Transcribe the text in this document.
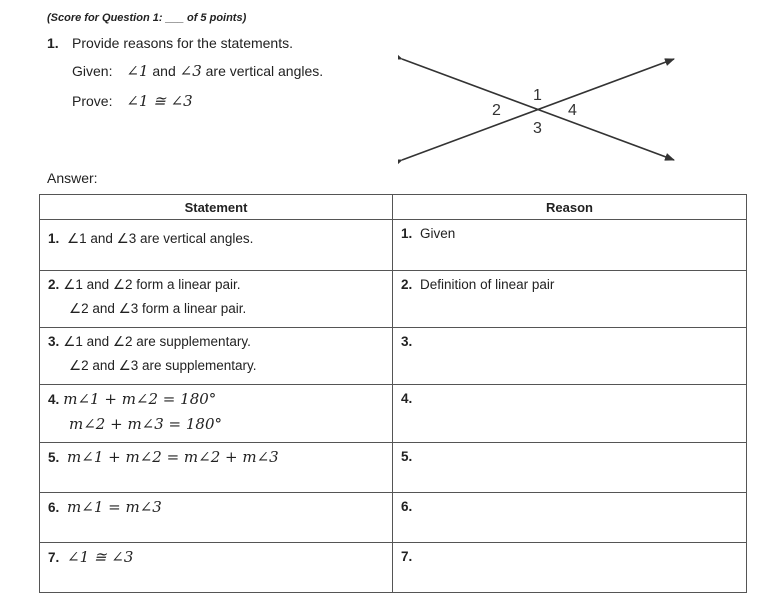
(Score for Question 1: ___ of 5 points)
1. Provide reasons for the statements.
Given: ∠1 and ∠3 are vertical angles.
Prove: ∠1 ≅ ∠3	1
2
3
4
Answer:
Statement	Reason
1. ∠1 and ∠3 are vertical angles.	1. Given

2. ∠1 and ∠2 form a linear pair.
∠2 and ∠3 form a linear pair.	2. Definition of linear pair

3. ∠1 and ∠2 are supplementary.
∠2 and ∠3 are supplementary.	3.

4. m∠1 + m∠2 = 180°
m∠2 + m∠3 = 180°	4.
5. m∠1 + m∠2 = m∠2 + m∠3	5.
6. m∠1 = m∠3	6.
7. ∠1 ≅ ∠3	7.
